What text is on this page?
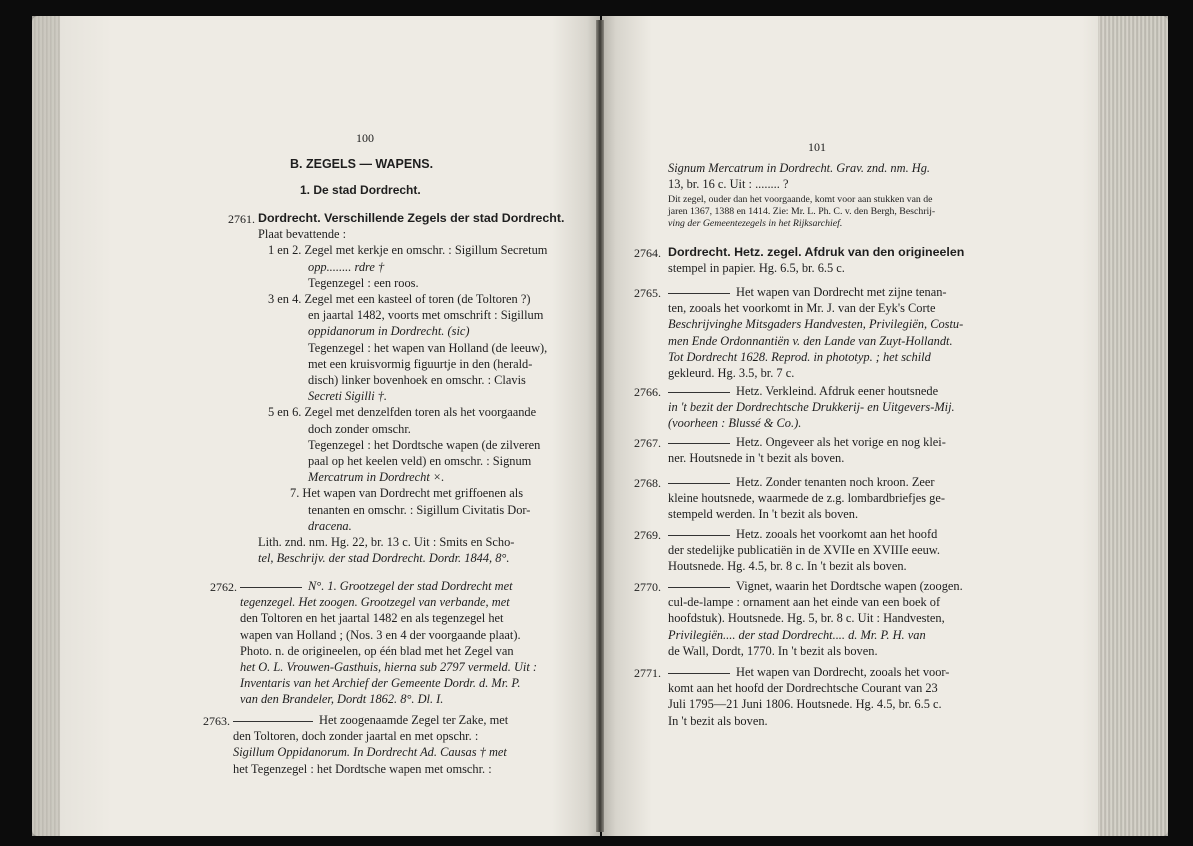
100
B. ZEGELS — WAPENS.
1. De stad Dordrecht.
2761. Dordrecht. Verschillende Zegels der stad Dordrecht.
Plaat bevattende :
1 en 2. Zegel met kerkje en omschr. : Sigillum Secretum
opp........ rdre †
Tegenzegel : een roos.
3 en 4. Zegel met een kasteel of toren (de Toltoren ?)
en jaartal 1482, voorts met omschrift : Sigillum
oppidanorum in Dordrecht. (sic)
Tegenzegel : het wapen van Holland (de leeuw),
met een kruisvormig figuurtje in den (herald-
disch) linker bovenhoek en omschr. : Clavis
Secreti Sigilli †.
5 en 6. Zegel met denzelfden toren als het voorgaande
doch zonder omschr.
Tegenzegel : het Dordtsche wapen (de zilveren
paal op het keelen veld) en omschr. : Signum
Mercatrum in Dordrecht ×.
7. Het wapen van Dordrecht met griffoenen als
tenanten en omschr. : Sigillum Civitatis Dor-
dracena.
Lith. znd. nm. Hg. 22, br. 13 c. Uit : Smits en Scho-
tel, Beschrijv. der stad Dordrecht. Dordr. 1844, 8°.
2762.	N°. 1. Grootzegel der stad Dordrecht met
tegenzegel. Het zoogen. Grootzegel van verbande, met
den Toltoren en het jaartal 1482 en als tegenzegel het
wapen van Holland ; (Nos. 3 en 4 der voorgaande plaat).
Photo. n. de origineelen, op één blad met het Zegel van
het O. L. Vrouwen-Gasthuis, hierna sub 2797 vermeld. Uit :
Inventaris van het Archief der Gemeente Dordr. d. Mr. P.
van den Brandeler, Dordt 1862. 8°. Dl. I.
2763.	Het zoogenaamde Zegel ter Zake, met
den Toltoren, doch zonder jaartal en met opschr. :
Sigillum Oppidanorum. In Dordrecht Ad. Causas † met
het Tegenzegel : het Dordtsche wapen met omschr. :
101
Signum Mercatrum in Dordrecht. Grav. znd. nm. Hg.
13, br. 16 c. Uit : ........ ?
Dit zegel, ouder dan het voorgaande, komt voor aan stukken van de
jaren 1367, 1388 en 1414. Zie: Mr. L. Ph. C. v. den Bergh, Beschrij-
ving der Gemeentezegels in het Rijksarchief.
2764. Dordrecht. Hetz. zegel. Afdruk van den origineelen
stempel in papier. Hg. 6.5, br. 6.5 c.
2765.	Het wapen van Dordrecht met zijne tenan-
ten, zooals het voorkomt in Mr. J. van der Eyk's Corte
Beschrijvinghe Mitsgaders Handvesten, Privilegiën, Costu-
men Ende Ordonnantiën v. den Lande van Zuyt-Hollandt.
Tot Dordrecht 1628. Reprod. in phototyp. ; het schild
gekleurd. Hg. 3.5, br. 7 c.
2766.	Hetz. Verkleind. Afdruk eener houtsnede
in 't bezit der Dordrechtsche Drukkerij- en Uitgevers-Mij.
(voorheen : Blussé & Co.).
2767.	Hetz. Ongeveer als het vorige en nog klei-
ner. Houtsnede in 't bezit als boven.
2768.	Hetz. Zonder tenanten noch kroon. Zeer
kleine houtsnede, waarmede de z.g. lombardbriefjes ge-
stempeld werden. In 't bezit als boven.
2769.	Hetz. zooals het voorkomt aan het hoofd
der stedelijke publicatiën in de XVIIe en XVIIIe eeuw.
Houtsnede. Hg. 4.5, br. 8 c. In 't bezit als boven.
2770.	Vignet, waarin het Dordtsche wapen (zoogen.
cul-de-lampe : ornament aan het einde van een boek of
hoofdstuk). Houtsnede. Hg. 5, br. 8 c. Uit : Handvesten,
Privilegiën.... der stad Dordrecht.... d. Mr. P. H. van
de Wall, Dordt, 1770. In 't bezit als boven.
2771.	Het wapen van Dordrecht, zooals het voor-
komt aan het hoofd der Dordrechtsche Courant van 23
Juli 1795—21 Juni 1806. Houtsnede. Hg. 4.5, br. 6.5 c.
In 't bezit als boven.
